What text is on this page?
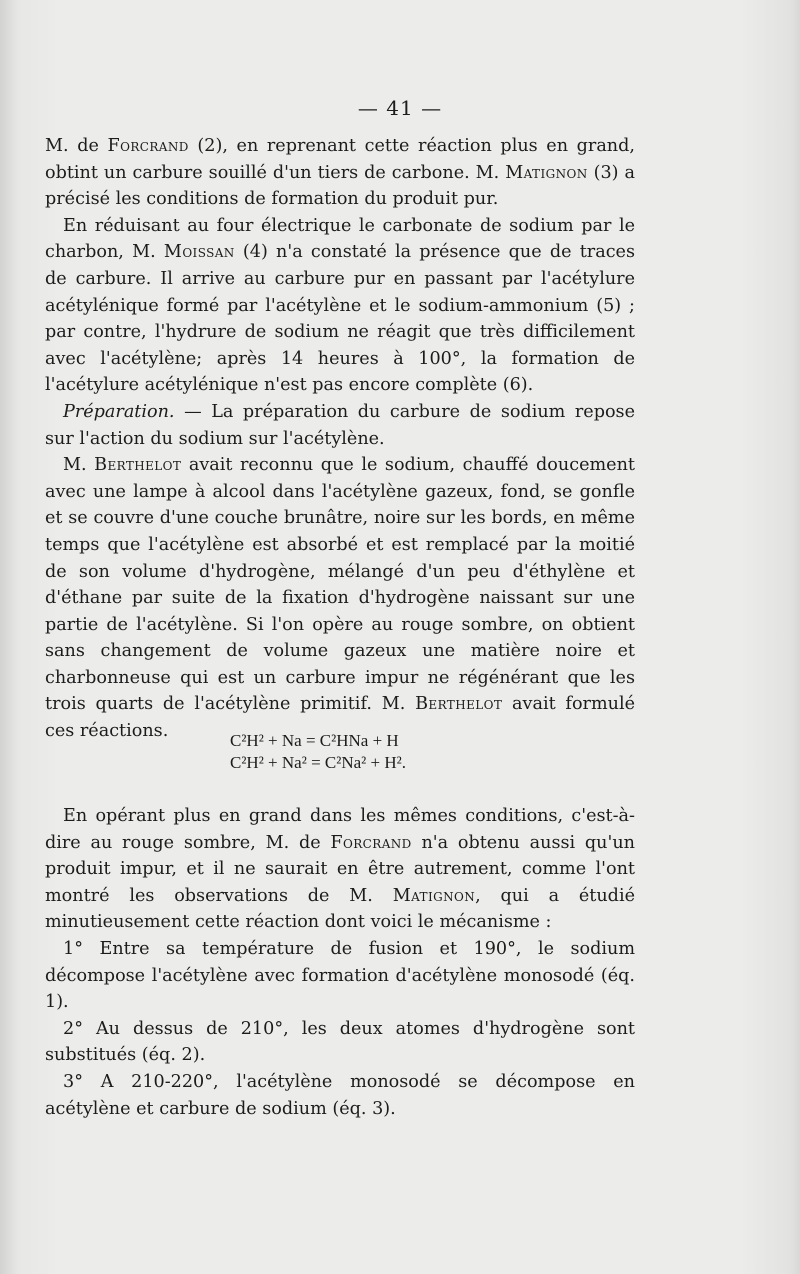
— 41 —

M. de Forcrand (2), en reprenant cette réaction plus en grand, obtint un carbure souillé d'un tiers de carbone. M. Matignon (3) a précisé les conditions de formation du produit pur.

En réduisant au four électrique le carbonate de sodium par le charbon, M. Moissan (4) n'a constaté la présence que de traces de carbure. Il arrive au carbure pur en passant par l'acétylure acétylénique formé par l'acétylène et le sodium-ammonium (5) ; par contre, l'hydrure de sodium ne réagit que très difficilement avec l'acétylène; après 14 heures à 100°, la formation de l'acétylure acétylénique n'est pas encore complète (6).

Préparation. — La préparation du carbure de sodium repose sur l'action du sodium sur l'acétylène.

M. Berthelot avait reconnu que le sodium, chauffé doucement avec une lampe à alcool dans l'acétylène gazeux, fond, se gonfle et se couvre d'une couche brunâtre, noire sur les bords, en même temps que l'acétylène est absorbé et est remplacé par la moitié de son volume d'hydrogène, mélangé d'un peu d'éthylène et d'éthane par suite de la fixation d'hydrogène naissant sur une partie de l'acétylène. Si l'on opère au rouge sombre, on obtient sans changement de volume gazeux une matière noire et charbonneuse qui est un carbure impur ne régénérant que les trois quarts de l'acétylène primitif. M. Berthelot avait formulé ces réactions.	C²H² + Na = C²HNa + H
C²H² + Na² = C²Na² + H².

En opérant plus en grand dans les mêmes conditions, c'est-à-dire au rouge sombre, M. de Forcrand n'a obtenu aussi qu'un produit impur, et il ne saurait en être autrement, comme l'ont montré les observations de M. Matignon, qui a étudié minutieusement cette réaction dont voici le mécanisme :

1° Entre sa température de fusion et 190°, le sodium décompose l'acétylène avec formation d'acétylène monosodé (éq. 1).

2° Au dessus de 210°, les deux atomes d'hydrogène sont substitués (éq. 2).

3° A 210-220°, l'acétylène monosodé se décompose en acétylène et carbure de sodium (éq. 3).
